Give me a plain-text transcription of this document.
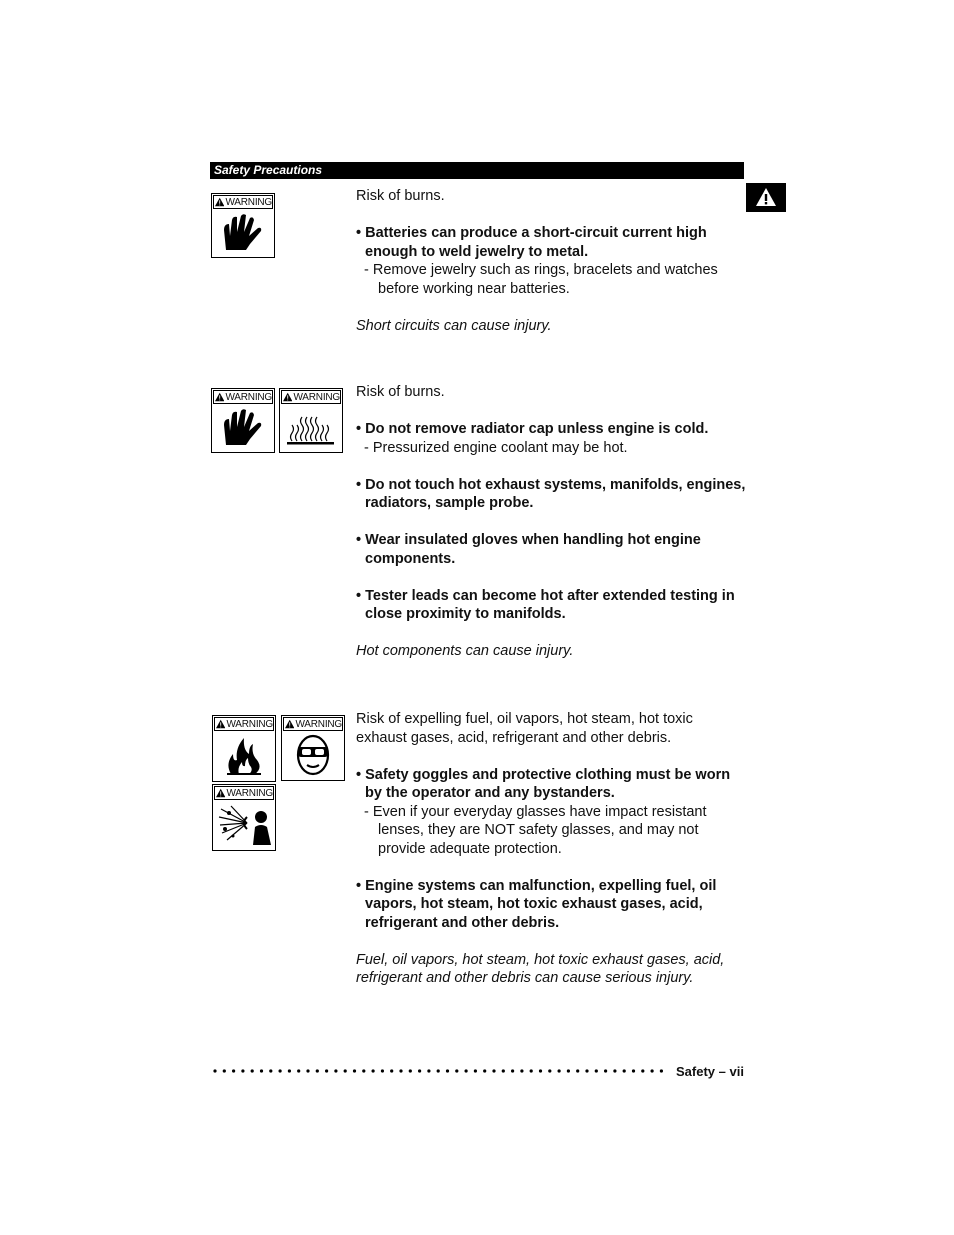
Safety Precautions
WARNING	Risk of burns.

• Batteries can produce a short-circuit current high enough to weld jewelry to metal.

- Remove jewelry such as rings, bracelets and watches before working near batteries.

Short circuits can cause injury.

WARNING WARNING Risk of burns.

• Do not remove radiator cap unless engine is cold.

- Pressurized engine coolant may be hot.

• Do not touch hot exhaust systems, manifolds, engines, radiators, sample probe.

• Wear insulated gloves when handling hot engine components.

• Tester leads can become hot after extended testing in close proximity to manifolds.

Hot components can cause injury.

WARNING WARNING
WARNING

Risk of expelling fuel, oil vapors, hot steam, hot toxic exhaust gases, acid, refrigerant and other debris.

• Safety goggles and protective clothing must be worn by the operator and any bystanders.

- Even if your everyday glasses have impact resistant lenses, they are NOT safety glasses, and may not provide adequate protection.

• Engine systems can malfunction, expelling fuel, oil vapors, hot steam, hot toxic exhaust gases, acid, refrigerant and other debris.

Fuel, oil vapors, hot steam, hot toxic exhaust gases, acid, refrigerant and other debris can cause serious injury.

Safety – vii
